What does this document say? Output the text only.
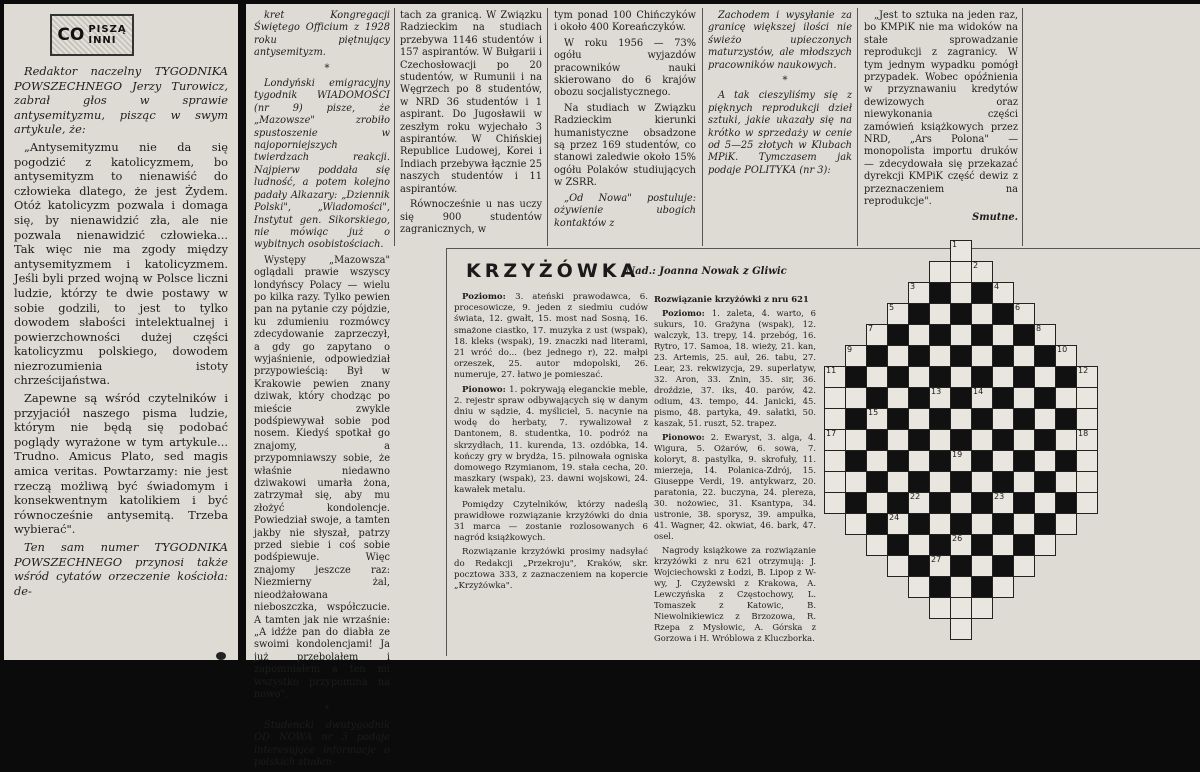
CO PISZĄ
INNI

Redaktor naczelny TYGODNIKA POWSZECHNEGO Jerzy Turowicz, zabrał głos w sprawie antysemityzmu, pisząc w swym artykule, że:

„Antysemityzmu nie da się pogodzić z katolicyzmem, bo antysemityzm to nienawiść do człowieka dlatego, że jest Żydem. Otóż katolicyzm pozwala i domaga się, by nienawidzić zła, ale nie pozwala nienawidzić człowieka... Tak więc nie ma zgody między antysemityzmem i katolicyzmem. Jeśli byli przed wojną w Polsce liczni ludzie, którzy te dwie postawy w sobie godzili, to jest to tylko dowodem słabości intelektualnej i powierzchowności dużej części katolicyzmu polskiego, dowodem niezrozumienia istoty chrześcijaństwa.

Zapewne są wśród czytelników i przyjaciół naszego pisma ludzie, którym nie będą się podobać poglądy wyrażone w tym artykule... Trudno. Amicus Plato, sed magis amica veritas. Powtarzamy: nie jest rzeczą możliwą być świadomym i konsekwentnym katolikiem i być równocześnie antysemitą. Trzeba wybierać".

Ten sam numer TYGODNIKA POWSZECHNEGO przynosi także wśród cytatów orzeczenie kościoła: de-

kret Kongregacji Świętego Officium z 1928 roku piętnujący antysemityzm.

*

Londyński emigracyjny tygodnik WIADOMOŚCI (nr 9) pisze, że „Mazowsze" zrobiło spustoszenie w najoporniejszych twierdzach reakcji. Najpierw poddała się ludność, a potem kolejno padały Alkazary: „Dziennik Polski", „Wiadomości", Instytut gen. Sikorskiego, nie mówiąc już o wybitnych osobistościach.

Występy „Mazowsza" oglądali prawie wszyscy londyńscy Polacy — wielu po kilka razy. Tylko pewien pan na pytanie czy pójdzie, ku zdumieniu rozmówcy zdecydowanie zaprzeczył, a gdy go zapytano o wyjaśnienie, odpowiedział przypowieścią: Był w Krakowie pewien znany dziwak, który chodząc po mieście zwykle podśpiewywał sobie pod nosem. Kiedyś spotkał go znajomy, a przypomniawszy sobie, że właśnie niedawno dziwakowi umarła żona, zatrzymał się, aby mu złożyć kondolencje. Powiedział swoje, a tamten jakby nie słyszał, patrzy przed siebie i coś sobie podśpiewuje. Więc znajomy jeszcze raz: Niezmierny żal, nieodżałowana nieboszczka, współczucie. A tamten jak nie wrzaśnie: „A idźże pan do diabła ze swoimi kondolencjami! Ja już przebolałem i zapomniałem a ten mi wszystko przypomina na nowo".

*

Studencki dwutygodnik OD NOWA nr 3 podaje interesujące informacje o polskich studen-

tach za granicą. W Związku Radzieckim na studiach przebywa 1146 studentów i 157 aspirantów. W Bułgarii i Czechosłowacji po 20 studentów, w Rumunii i na Węgrzech po 8 studentów, w NRD 36 studentów i 1 aspirant. Do Jugosławii w zeszłym roku wyjechało 3 aspirantów. W Chińskiej Republice Ludowej, Korei i Indiach przebywa łącznie 25 naszych studentów i 11 aspirantów.

Równocześnie u nas uczy się 900 studentów zagranicznych, w

tym ponad 100 Chińczyków i około 400 Koreańczyków.

W roku 1956 — 73% ogółu wyjazdów pracowników nauki skierowano do 6 krajów obozu socjalistycznego.

Na studiach w Związku Radzieckim kierunki humanistyczne obsadzone są przez 169 studentów, co stanowi zaledwie około 15% ogółu Polaków studiujących w ZSRR.

„Od Nowa" postuluje: ożywienie ubogich kontaktów z

Zachodem i wysyłanie za granicę większej ilości nie świeżo upieczonych maturzystów, ale młodszych pracowników naukowych.

*

A tak cieszyliśmy się z pięknych reprodukcji dzieł sztuki, jakie ukazały się na krótko w sprzedaży w cenie od 5—25 złotych w Klubach MPiK. Tymczasem jak podaje POLITYKA (nr 3):

„Jest to sztuka na jeden raz, bo KMPiK nie ma widoków na stałe sprowadzanie reprodukcji z zagranicy. W tym jednym wypadku pomógł przypadek. Wobec opóźnienia w przyznawaniu kredytów dewizowych oraz niewykonania części zamówień książkowych przez NRD, „Ars Polona" — monopolista importu druków — zdecydowała się przekazać dyrekcji KMPiK część dewiz z przeznaczeniem na reprodukcje".

Smutne.

KRZYŻÓWKA
Nad.: Joanna Nowak z Gliwic

Poziomo: 3. ateński prawodawca, 6. procesowicze, 9. jeden z siedmiu cudów świata, 12. gwałt, 15. most nad Sosną, 16. smażone ciastko, 17. muzyka z ust (wspak), 18. kleks (wspak), 19. znaczki nad literami, 21 wróć do... (bez jednego r), 22. małpi orzeszek, 25. autor mdopolski, 26. numeruje, 27. łatwo je pomieszać.

Pionowo: 1. pokrywają eleganckie meble, 2. rejestr spraw odbywających się w danym dniu w sądzie, 4. myśliciel, 5. nacynie na wodę do herbaty, 7. rywalizował z Dantonem, 8. studentka, 10. podróż na skrzydłach, 11. kurenda, 13. ozdóbka, 14. kończy gry w brydża, 15. pilnowała ogniska domowego Rzymianom, 19. stała cecha, 20. maszkary (wspak), 23. dawni wojskowi, 24. kawałek metalu.

Pomiędzy Czytelników, którzy nadeślą prawidłowe rozwiązanie krzyżówki do dnia 31 marca — zostanie rozlosowanych 6 nagród książkowych.

Rozwiązanie krzyżówki prosimy nadsyłać do Redakcji „Przekroju", Kraków, skr. pocztowa 333, z zaznaczeniem na kopercie „Krzyżówka".

Rozwiązanie krzyżówki z nru 621

Poziomo: 1. zaleta, 4. warto, 6 sukurs, 10. Grażyna (wspak), 12. walczyk, 13. trepy, 14. przebóg, 16. Rytro, 17. Samoa, 18. wieży, 21. kan, 23. Artemis, 25. auł, 26. tabu, 27. Lear, 23. rekwizycja, 29. superlatyw, 32. Aron, 33. Znin, 35. sir, 36. droździe, 37. iks, 40. parów, 42. odium, 43. tempo, 44. Janicki, 45. pismo, 48. partyka, 49. sałatki, 50. kaszak, 51. ruszt, 52. trapez.

Pionowo: 2. Ewaryst, 3. alga, 4. Wigura, 5. Ożarów, 6. sowa, 7. koloryt, 8. pastylka, 9. skrofuły, 11. mierzeja, 14. Polanica-Zdrój, 15. Giuseppe Verdi, 19. antykwarz, 20. paratonia, 22. buczyna, 24. plereza, 30. nożowiec, 31. Ksantypa, 34. ustronie, 38. sporysz, 39. ampułka, 41. Wagner, 42. okwiat, 46. bark, 47. osel.

Nagrody książkowe za rozwiązanie krzyżówki z nru 621 otrzymują: J. Wojciechowski z Łodzi, B. Lipop z W-wy, J. Czyżewski z Krakowa, A. Lewczyńska z Częstochowy, L. Tomaszek z Katowic, B. Niewolnikiewicz z Brzozowa, R. Rzepa z Mysłowic, A. Górska z Gorzowa i H. Wróblowa z Kluczborka.

1
2
3	4
5	6
7	8
9	10
11	12
13	14
15
17	18
19
22	23
24
26
27
